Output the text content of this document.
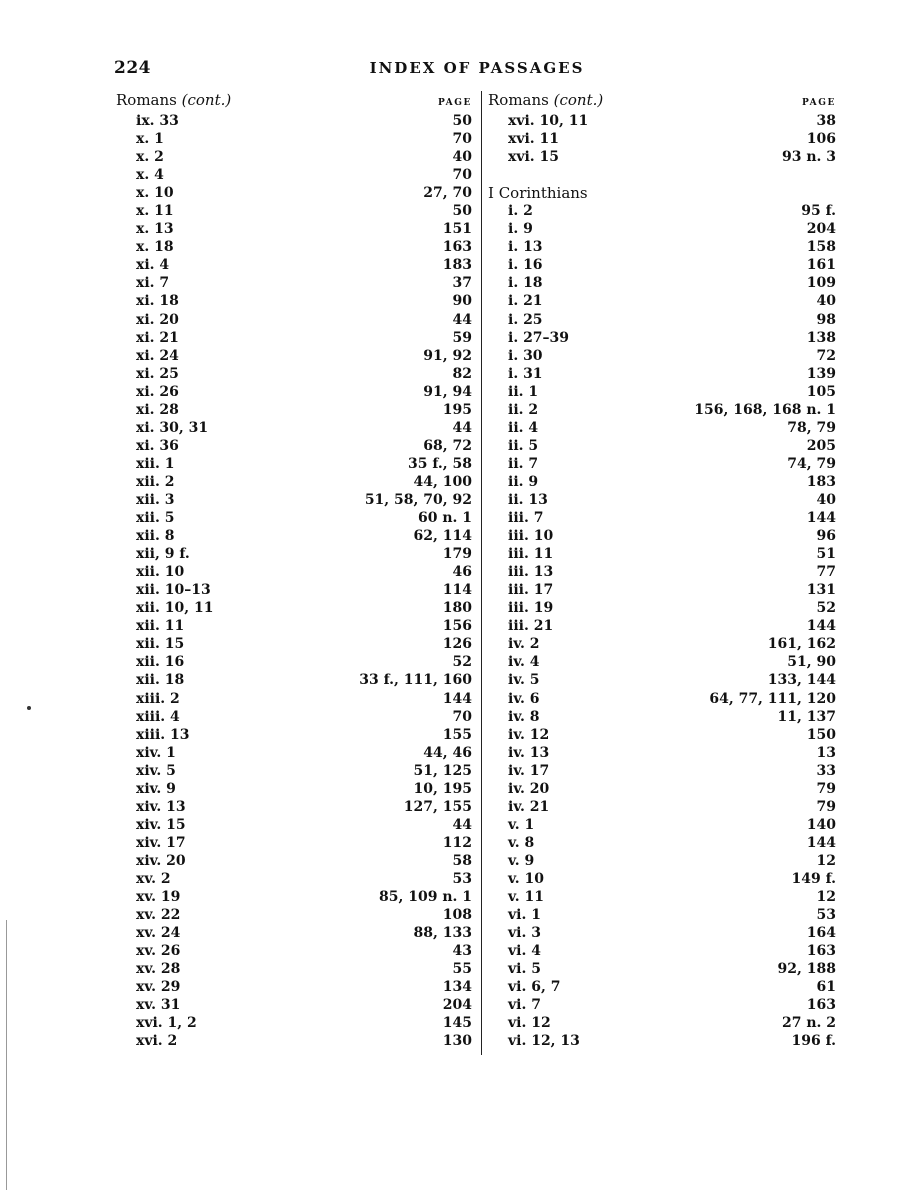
224	INDEX OF PASSAGES
Romans (cont.)	PAGE
ix. 33	50
x. 1	70
x. 2	40
x. 4	70
x. 10	27, 70
x. 11	50
x. 13	151
x. 18	163
xi. 4	183
xi. 7	37
xi. 18	90
xi. 20	44
xi. 21	59
xi. 24	91, 92
xi. 25	82
xi. 26	91, 94
xi. 28	195
xi. 30, 31	44
xi. 36	68, 72
xii. 1	35 f., 58
xii. 2	44, 100
xii. 3	51, 58, 70, 92
xii. 5	60 n. 1
xii. 8	62, 114
xii, 9 f.	179
xii. 10	46
xii. 10–13	114
xii. 10, 11	180
xii. 11	156
xii. 15	126
xii. 16	52
xii. 18	33 f., 111, 160
xiii. 2	144
xiii. 4	70
xiii. 13	155
xiv. 1	44, 46
xiv. 5	51, 125
xiv. 9	10, 195
xiv. 13	127, 155
xiv. 15	44
xiv. 17	112
xiv. 20	58
xv. 2	53
xv. 19	85, 109 n. 1
xv. 22	108
xv. 24	88, 133
xv. 26	43
xv. 28	55
xv. 29	134
xv. 31	204
xvi. 1, 2	145
xvi. 2	130
Romans (cont.)	PAGE
xvi. 10, 11	38
xvi. 11	106
xvi. 15	93 n. 3
I Corinthians
i. 2	95 f.
i. 9	204
i. 13	158
i. 16	161
i. 18	109
i. 21	40
i. 25	98
i. 27–39	138
i. 30	72
i. 31	139
ii. 1	105
ii. 2	156, 168, 168 n. 1
ii. 4	78, 79
ii. 5	205
ii. 7	74, 79
ii. 9	183
ii. 13	40
iii. 7	144
iii. 10	96
iii. 11	51
iii. 13	77
iii. 17	131
iii. 19	52
iii. 21	144
iv. 2	161, 162
iv. 4	51, 90
iv. 5	133, 144
iv. 6	64, 77, 111, 120
iv. 8	11, 137
iv. 12	150
iv. 13	13
iv. 17	33
iv. 20	79
iv. 21	79
v. 1	140
v. 8	144
v. 9	12
v. 10	149 f.
v. 11	12
vi. 1	53
vi. 3	164
vi. 4	163
vi. 5	92, 188
vi. 6, 7	61
vi. 7	163
vi. 12	27 n. 2
vi. 12, 13	196 f.
